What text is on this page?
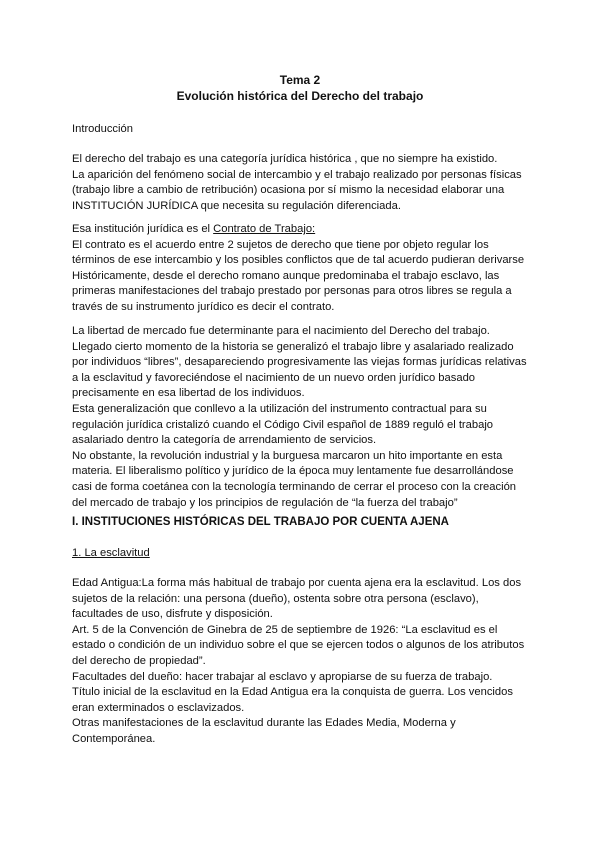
Tema 2
Evolución histórica del Derecho del trabajo
Introducción
El derecho del trabajo es una categoría jurídica histórica , que no siempre ha existido.
La aparición del fenómeno social de intercambio y el trabajo realizado por personas físicas
(trabajo libre a cambio de retribución) ocasiona por sí mismo la necesidad elaborar una
INSTITUCIÓN JURÍDICA que necesita su regulación diferenciada.
Esa institución jurídica es el Contrato de Trabajo:
El contrato es el acuerdo entre 2 sujetos de derecho que tiene por objeto regular los
términos de ese intercambio y los posibles conflictos que de tal acuerdo pudieran derivarse
Históricamente, desde el derecho romano aunque predominaba el trabajo esclavo, las
primeras manifestaciones del trabajo prestado por personas para otros libres se regula a
través de su instrumento jurídico es decir el contrato.
La libertad de mercado fue determinante para el nacimiento del Derecho del trabajo.
Llegado cierto momento de la historia se generalizó el trabajo libre y asalariado realizado
por individuos “libres”, desapareciendo progresivamente las viejas formas jurídicas relativas
a la esclavitud y favoreciéndose el nacimiento de un nuevo orden jurídico basado
precisamente en esa libertad de los individuos.
Esta generalización que conllevo a la utilización del instrumento contractual para su
regulación jurídica cristalizó cuando el Código Civil español de 1889 reguló el trabajo
asalariado dentro la categoría de arrendamiento de servicios.
No obstante, la revolución industrial y la burguesa marcaron un hito importante en esta
materia. El liberalismo político y jurídico de la época muy lentamente fue desarrollándose
casi de forma coetánea con la tecnología terminando de cerrar el proceso con la creación
del mercado de trabajo y los principios de regulación de “la fuerza del trabajo”
I. INSTITUCIONES HISTÓRICAS DEL TRABAJO POR CUENTA AJENA
1. La esclavitud
Edad Antigua:La forma más habitual de trabajo por cuenta ajena era la esclavitud. Los dos
sujetos de la relación: una persona (dueño), ostenta sobre otra persona (esclavo),
facultades de uso, disfrute y disposición.
Art. 5 de la Convención de Ginebra de 25 de septiembre de 1926: “La esclavitud es el
estado o condición de un individuo sobre el que se ejercen todos o algunos de los atributos
del derecho de propiedad”.
Facultades del dueño: hacer trabajar al esclavo y apropiarse de su fuerza de trabajo.
Título inicial de la esclavitud en la Edad Antigua era la conquista de guerra. Los vencidos
eran exterminados o esclavizados.
Otras manifestaciones de la esclavitud durante las Edades Media, Moderna y
Contemporánea.
